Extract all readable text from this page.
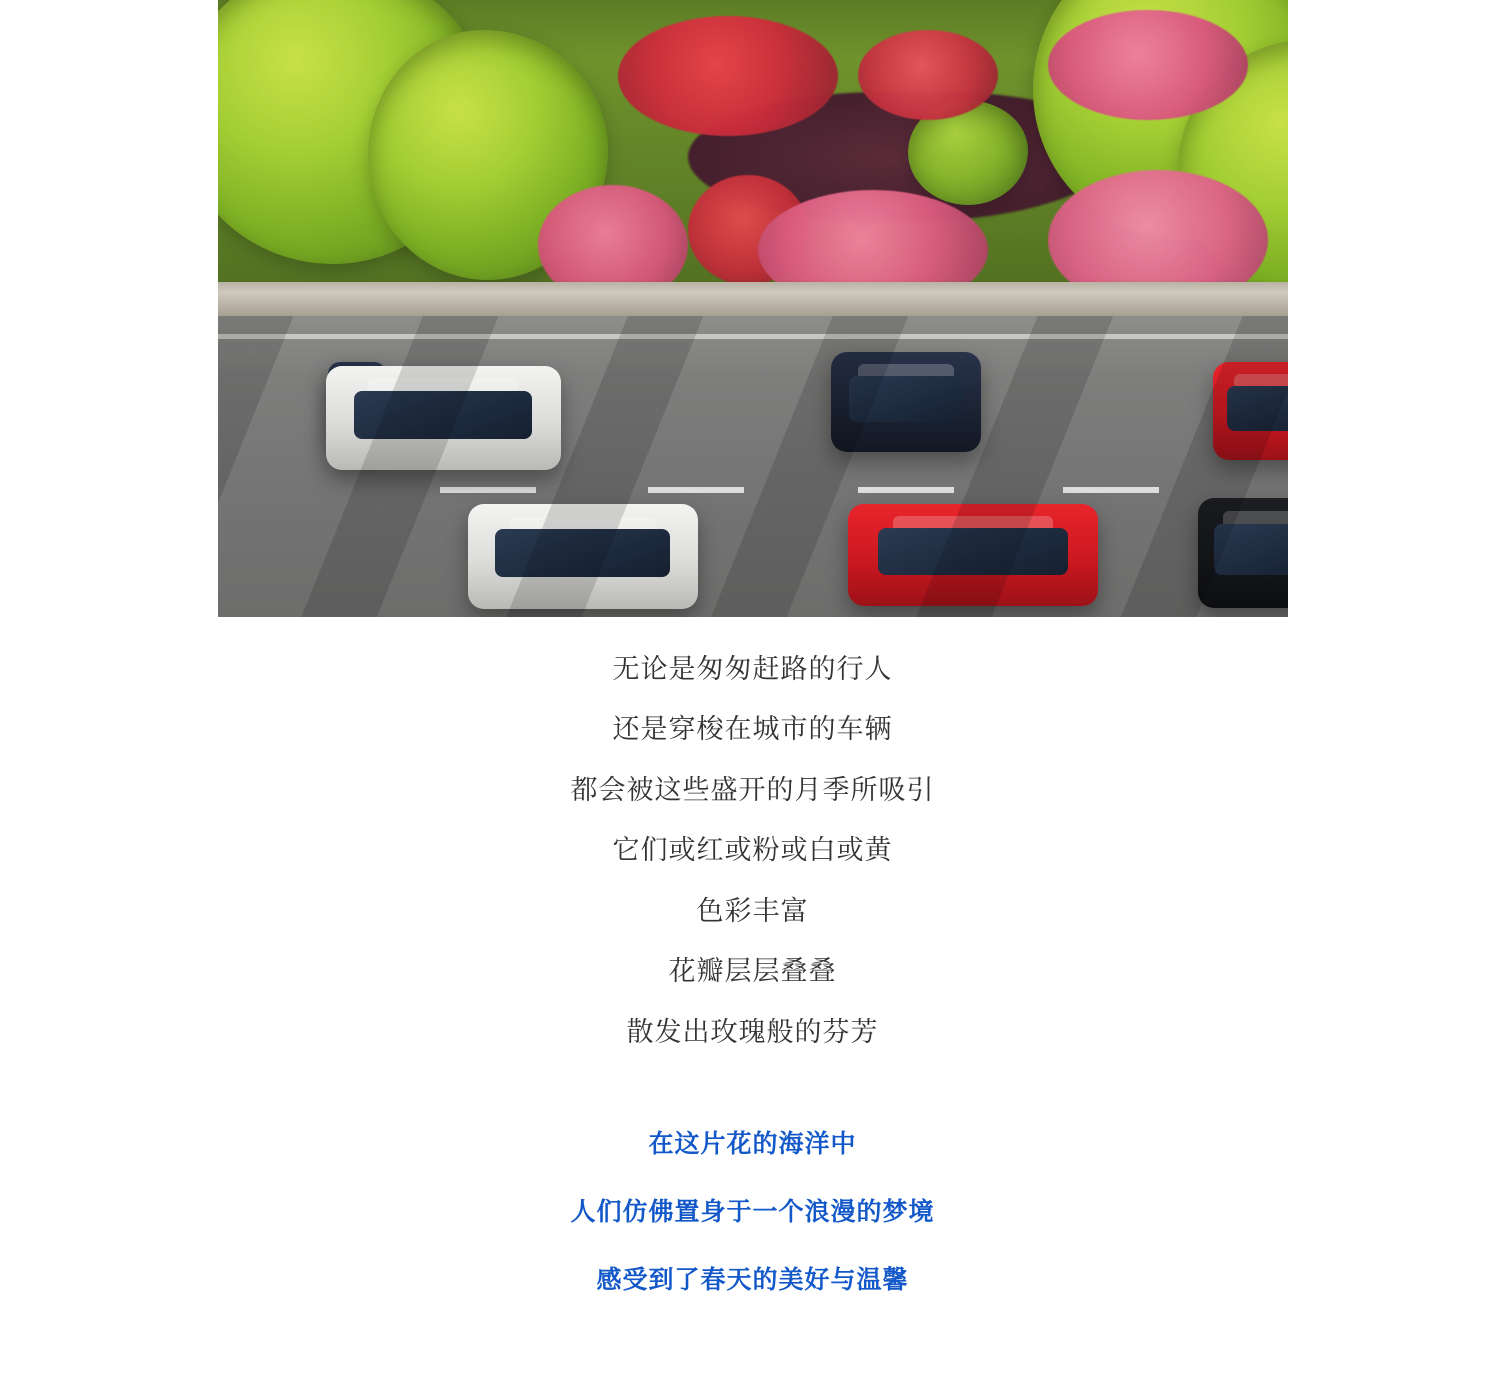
无论是匆匆赶路的行人

还是穿梭在城市的车辆

都会被这些盛开的月季所吸引

它们或红或粉或白或黄

色彩丰富

花瓣层层叠叠

散发出玫瑰般的芬芳

在这片花的海洋中

人们仿佛置身于一个浪漫的梦境

感受到了春天的美好与温馨
